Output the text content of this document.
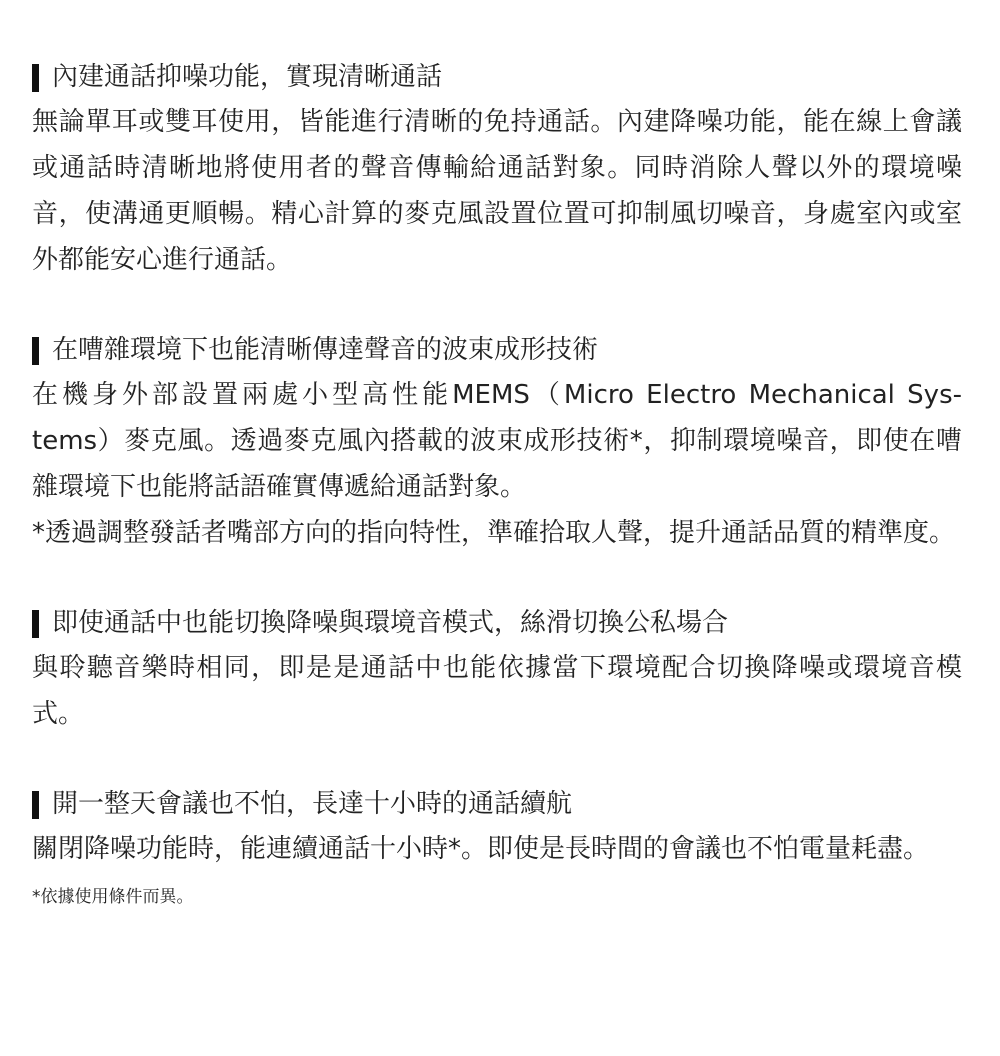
內建通話抑噪功能，實現清晰通話

無論單耳或雙耳使用，皆能進行清晰的免持通話。內建降噪功能，能在線上會議或通話時清晰地將使用者的聲音傳輸給通話對象。同時消除人聲以外的環境噪音，使溝通更順暢。精心計算的麥克風設置位置可抑制風切噪音，身處室內或室外都能安心進行通話。

在嘈雜環境下也能清晰傳達聲音的波束成形技術

在機身外部設置兩處小型高性能MEMS（Micro Electro Mechanical Sys-tems）麥克風。透過麥克風內搭載的波束成形技術*，抑制環境噪音，即使在嘈雜環境下也能將話語確實傳遞給通話對象。

*透過調整發話者嘴部方向的指向特性，準確拾取人聲，提升通話品質的精準度。

即使通話中也能切換降噪與環境音模式，絲滑切換公私場合

與聆聽音樂時相同，即是是通話中也能依據當下環境配合切換降噪或環境音模式。

開一整天會議也不怕，長達十小時的通話續航

關閉降噪功能時，能連續通話十小時*。即使是長時間的會議也不怕電量耗盡。

*依據使用條件而異。
